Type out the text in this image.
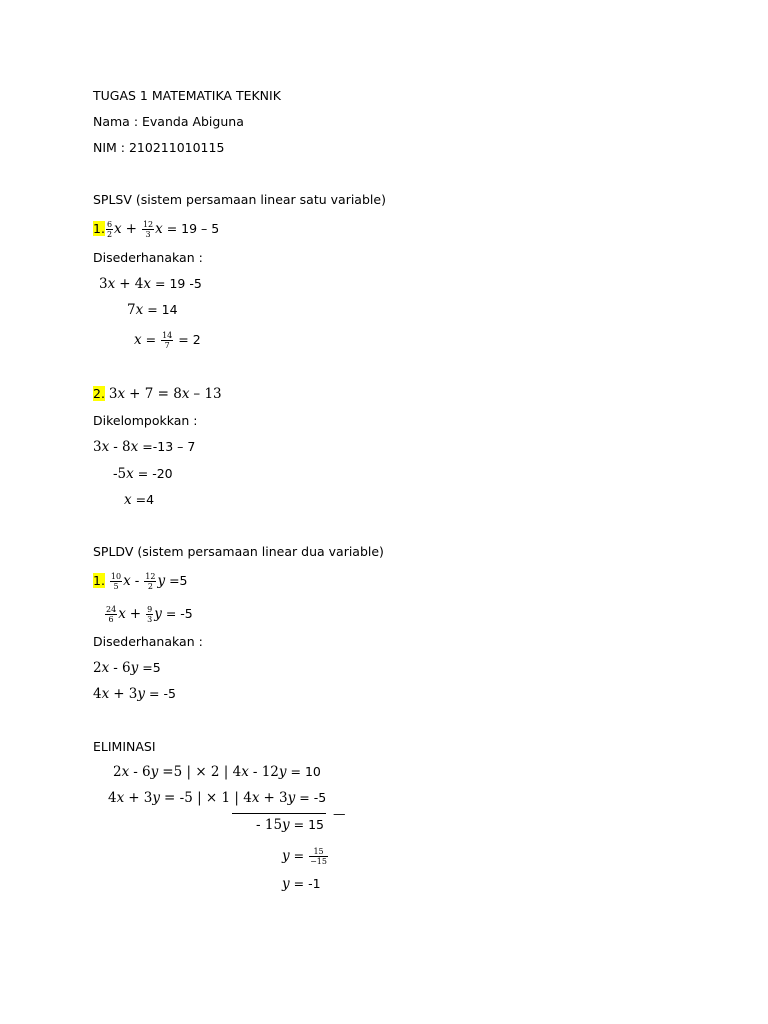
TUGAS 1 MATEMATIKA TEKNIK
Nama : Evanda Abiguna
NIM : 210211010115
SPLSV (sistem persamaan linear satu variable)
1. $\frac{6}{2}$ $x + \frac{12}{3}$ x = 19 – 5
Disederhanakan :
3x + 4x = 19 -5
7x = 14
$x = \frac{14}{7} = 2$
2. 3x + 7 = 8x – 13
Dikelompokkan :
3x - 8x =-13 – 7
-5x = -20
x =4
SPLDV (sistem persamaan linear dua variable)
1. $\frac{10}{5}$ x - $\frac{12}{2}$ y =5
$\frac{24}{6}$ $x + \frac{9}{3}$ y = -5
Disederhanakan :
2x - 6y =5
4x + 3y = -5
ELIMINASI
2x - 6y =5 | × 2 | 4x - 12y = 10
4x + 3y = -5 | × 1 | 4x + 3y = -5
—
- 15y = 15
$y = \frac{15}{-15}$
y = -1
